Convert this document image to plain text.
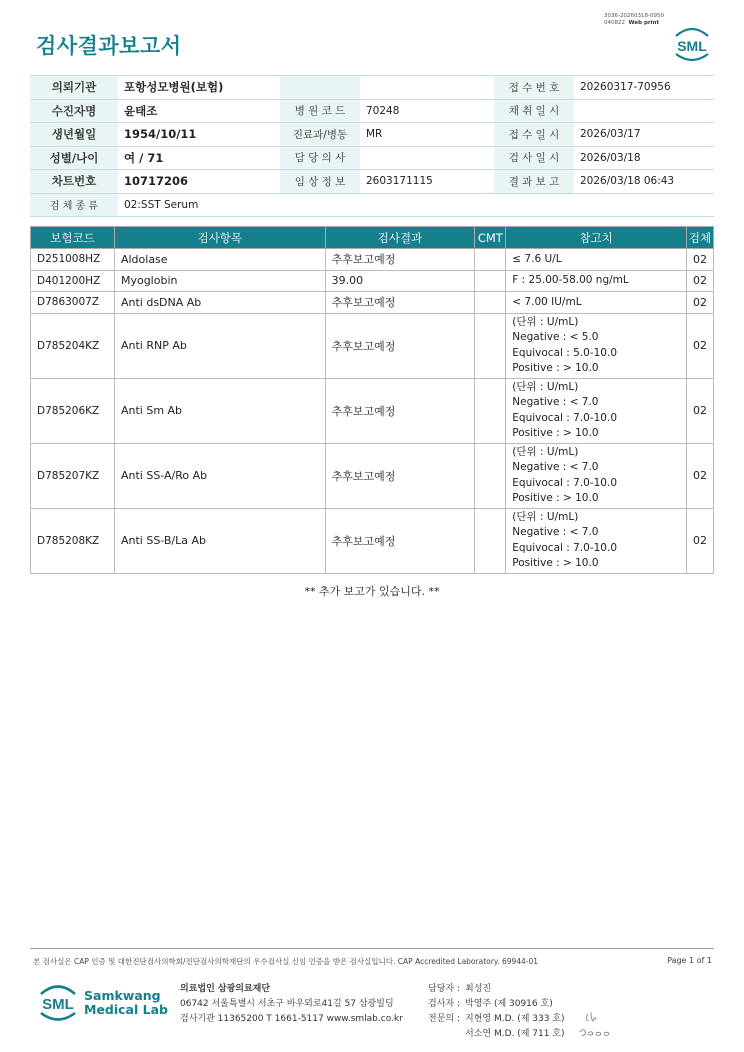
검사결과보고서
3036-20260318-0950
040822 Web print
SML
의뢰기관	포항성모병원(보험)			접 수 번 호	20260317-70956
수진자명	윤태조	병 원 코 드	70248	채 취 일 시	
생년월일	1954/10/11	진료과/병동	MR	접 수 일 시	2026/03/17
성별/나이	여 / 71	담 당 의 사		검 사 일 시	2026/03/18
차트번호	10717206	임 상 정 보	2603171115	결 과 보 고	2026/03/18 06:43
검 체 종 류	02:SST Serum				
보험코드	검사항목	검사결과	CMT	참고치	검체
D251008HZ	Aldolase	추후보고예정		≤ 7.6 U/L	02
D401200HZ	Myoglobin	39.00		F : 25.00-58.00 ng/mL	02
D7863007Z	Anti dsDNA Ab	추후보고예정		< 7.00 IU/mL	02
D785204KZ	Anti RNP Ab	추후보고예정		(단위 : U/mL)
Negative : < 5.0
Equivocal : 5.0-10.0
Positive : > 10.0	02
D785206KZ	Anti Sm Ab	추후보고예정		(단위 : U/mL)
Negative : < 7.0
Equivocal : 7.0-10.0
Positive : > 10.0	02
D785207KZ	Anti SS-A/Ro Ab	추후보고예정		(단위 : U/mL)
Negative : < 7.0
Equivocal : 7.0-10.0
Positive : > 10.0	02
D785208KZ	Anti SS-B/La Ab	추후보고예정		(단위 : U/mL)
Negative : < 7.0
Equivocal : 7.0-10.0
Positive : > 10.0	02
** 추가 보고가 있습니다. **
본 검사실은 CAP 인증 및 대한진단검사의학회/진단검사의학재단의 우수검사실 신임 인증을 받은 검사실입니다. CAP Accredited Laboratory. 69944-01	Page 1 of 1
SML
Samkwang
Medical Lab
의료법인 삼광의료재단
06742 서울특별시 서초구 바우뫼로41길 57 삼광빌딩
검사기관 11365200 T 1661-5117 www.smlab.co.kr
담당자 : 최성진
검사자 : 박영주 (제 30916 호)
전문의 : 지현영 M.D. (제 333 호)
서소연 M.D. (제 711 호)
